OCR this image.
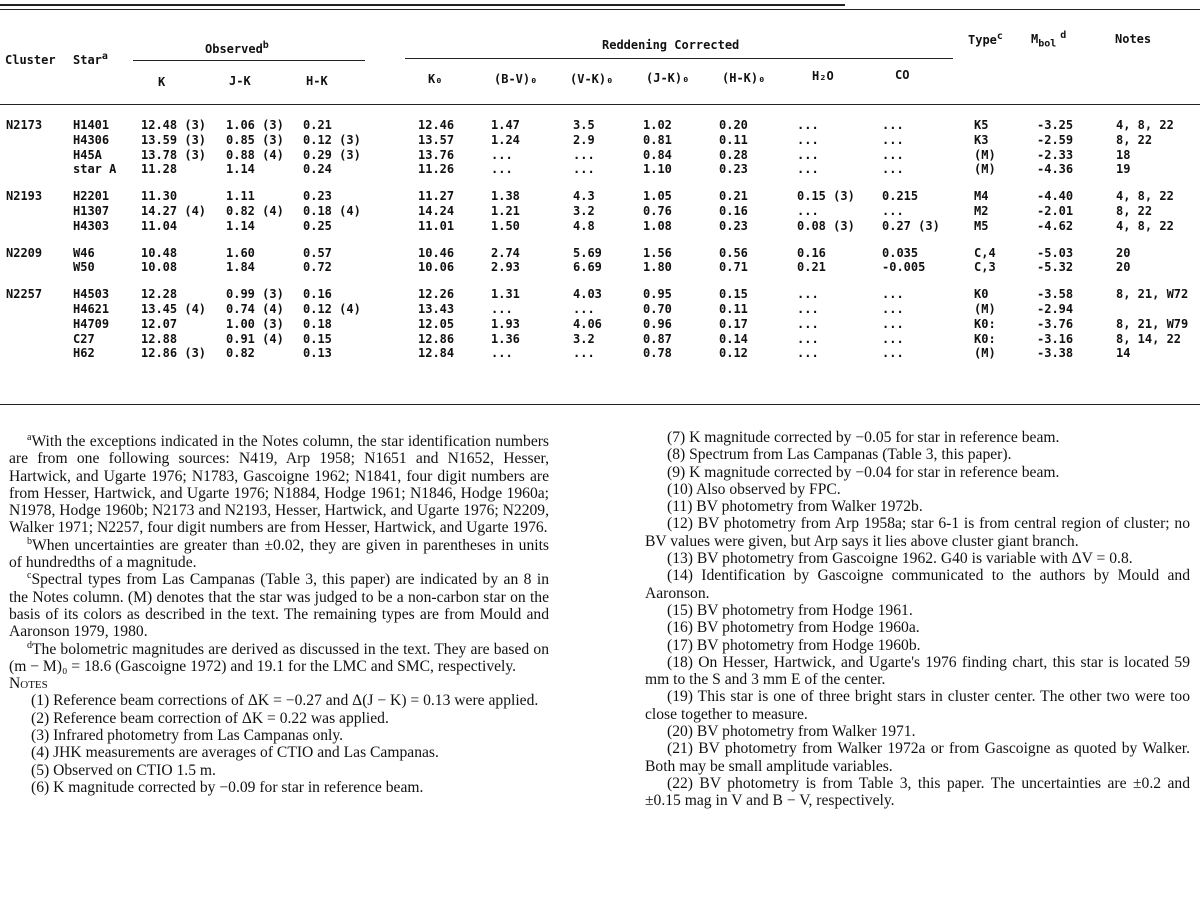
Cluster Star$^a$
Observed$^b$	Reddening Corrected	Type$^c$ $M_{bol}^d$	Notes
K	J-K	H-K	K₀	(B-V)₀	(V-K)₀	(J-K)₀	(H-K)₀	H₂O	CO
N2173	H1401	12.48 (3)	1.06 (3)	0.21	12.46	1.47	3.5	1.02	0.20	...	...	K5	-3.25	4, 8, 22
	H4306	13.59 (3)	0.85 (3)	0.12 (3)	13.57	1.24	2.9	0.81	0.11	...	...	K3	-2.59	8, 22
	H45A	13.78 (3)	0.88 (4)	0.29 (3)	13.76	...	...	0.84	0.28	...	...	(M)	-2.33	18
	star A	11.28	1.14	0.24	11.26	...	...	1.10	0.23	...	...	(M)	-4.36	19

N2193	H2201	11.30	1.11	0.23	11.27	1.38	4.3	1.05	0.21	0.15 (3)	0.215	M4	-4.40	4, 8, 22
	H1307	14.27 (4)	0.82 (4)	0.18 (4)	14.24	1.21	3.2	0.76	0.16	...	...	M2	-2.01	8, 22
	H4303	11.04	1.14	0.25	11.01	1.50	4.8	1.08	0.23	0.08 (3)	0.27 (3)	M5	-4.62	4, 8, 22

N2209	W46	10.48	1.60	0.57	10.46	2.74	5.69	1.56	0.56	0.16	0.035	C,4	-5.03	20
	W50	10.08	1.84	0.72	10.06	2.93	6.69	1.80	0.71	0.21	-0.005	C,3	-5.32	20

N2257	H4503	12.28	0.99 (3)	0.16	12.26	1.31	4.03	0.95	0.15	...	...	K0	-3.58	8, 21, W72
	H4621	13.45 (4)	0.74 (4)	0.12 (4)	13.43	...	...	0.70	0.11	...	...	(M)	-2.94	
	H4709	12.07	1.00 (3)	0.18	12.05	1.93	4.06	0.96	0.17	...	...	K0:	-3.76	8, 21, W79
	C27	12.88	0.91 (4)	0.15	12.86	1.36	3.2	0.87	0.14	...	...	K0:	-3.16	8, 14, 22
	H62	12.86 (3)	0.82	0.13	12.84	...	...	0.78	0.12	...	...	(M)	-3.38	14

$^a$With the exceptions indicated in the Notes column, the star identification numbers are from one following sources: N419, Arp 1958; N1651 and N1652, Hesser, Hartwick, and Ugarte 1976; N1783, Gascoigne 1962; N1841, four digit numbers are from Hesser, Hartwick, and Ugarte 1976; N1884, Hodge 1961; N1846, Hodge 1960a; N1978, Hodge 1960b; N2173 and N2193, Hesser, Hartwick, and Ugarte 1976; N2209, Walker 1971; N2257, four digit numbers are from Hesser, Hartwick, and Ugarte 1976.

$^b$When uncertainties are greater than ±0.02, they are given in parentheses in units of hundredths of a magnitude.

$^c$Spectral types from Las Campanas (Table 3, this paper) are indicated by an 8 in the Notes column. (M) denotes that the star was judged to be a non-carbon star on the basis of its colors as described in the text. The remaining types are from Mould and Aaronson 1979, 1980.

$^d$The bolometric magnitudes are derived as discussed in the text. They are based on (m − M)₀ = 18.6 (Gascoigne 1972) and 19.1 for the LMC and SMC, respectively.

Notes

(1) Reference beam corrections of ΔK = −0.27 and Δ(J − K) = 0.13 were applied.

(2) Reference beam correction of ΔK = 0.22 was applied.

(3) Infrared photometry from Las Campanas only.

(4) JHK measurements are averages of CTIO and Las Campanas.

(5) Observed on CTIO 1.5 m.

(6) K magnitude corrected by −0.09 for star in reference beam.

(7) K magnitude corrected by −0.05 for star in reference beam.

(8) Spectrum from Las Campanas (Table 3, this paper).

(9) K magnitude corrected by −0.04 for star in reference beam.

(10) Also observed by FPC.

(11) BV photometry from Walker 1972b.

(12) BV photometry from Arp 1958a; star 6-1 is from central region of cluster; no BV values were given, but Arp says it lies above cluster giant branch.

(13) BV photometry from Gascoigne 1962. G40 is variable with ΔV = 0.8.

(14) Identification by Gascoigne communicated to the authors by Mould and Aaronson.

(15) BV photometry from Hodge 1961.

(16) BV photometry from Hodge 1960a.

(17) BV photometry from Hodge 1960b.

(18) On Hesser, Hartwick, and Ugarte's 1976 finding chart, this star is located 59 mm to the S and 3 mm E of the center.

(19) This star is one of three bright stars in cluster center. The other two were too close together to measure.

(20) BV photometry from Walker 1971.

(21) BV photometry from Walker 1972a or from Gascoigne as quoted by Walker. Both may be small amplitude variables.

(22) BV photometry is from Table 3, this paper. The uncertainties are ±0.2 and ±0.15 mag in V and B − V, respectively.
